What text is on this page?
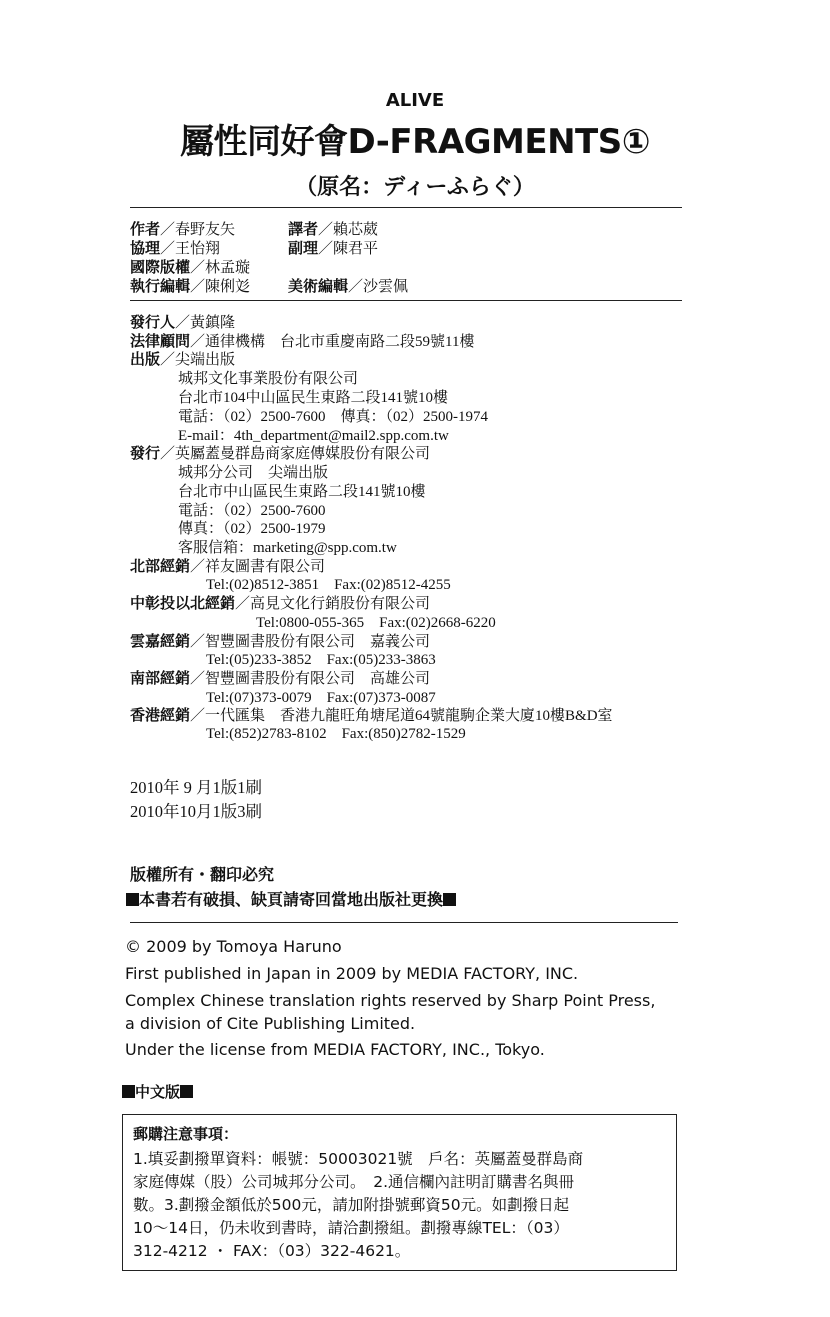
ALIVE
屬性同好會D-FRAGMENTS①
（原名：ディーふらぐ）
作者／春野友矢	譯者／賴芯葳
協理／王怡翔	副理／陳君平
國際版權／林孟璇
執行編輯／陳俐彣	美術編輯／沙雲佩
發行人／黃鎮隆
法律顧問／通律機構　台北市重慶南路二段59號11樓
出版／尖端出版
城邦文化事業股份有限公司
台北市104中山區民生東路二段141號10樓
電話：（02）2500-7600　傳真：（02）2500-1974
E-mail：4th_department@mail2.spp.com.tw
發行／英屬蓋曼群島商家庭傳媒股份有限公司
城邦分公司　尖端出版
台北市中山區民生東路二段141號10樓
電話：（02）2500-7600
傳真：（02）2500-1979
客服信箱：marketing@spp.com.tw
北部經銷／祥友圖書有限公司
Tel:(02)8512-3851　Fax:(02)8512-4255
中彰投以北經銷／高見文化行銷股份有限公司
Tel:0800-055-365　Fax:(02)2668-6220
雲嘉經銷／智豐圖書股份有限公司　嘉義公司
Tel:(05)233-3852　Fax:(05)233-3863
南部經銷／智豐圖書股份有限公司　高雄公司
Tel:(07)373-0079　Fax:(07)373-0087
香港經銷／一代匯集　香港九龍旺角塘尾道64號龍駒企業大廈10樓B&D室
Tel:(852)2783-8102　Fax:(850)2782-1529
2010年 9 月1版1刷
2010年10月1版3刷
版權所有・翻印必究
本書若有破損、缺頁請寄回當地出版社更換
© 2009 by Tomoya Haruno
First published in Japan in 2009 by MEDIA FACTORY, INC.
Complex Chinese translation rights reserved by Sharp Point Press,
a division of Cite Publishing Limited.
Under the license from MEDIA FACTORY, INC., Tokyo.
中文版
郵購注意事項：
1.填妥劃撥單資料：帳號：50003021號　戶名：英屬蓋曼群島商
家庭傳媒（股）公司城邦分公司。　2.通信欄內註明訂購書名與冊
數。3.劃撥金額低於500元，請加附掛號郵資50元。如劃撥日起
10～14日，仍未收到書時，請洽劃撥組。劃撥專線TEL：（03）
312-4212 ・ FAX：（03）322-4621。
